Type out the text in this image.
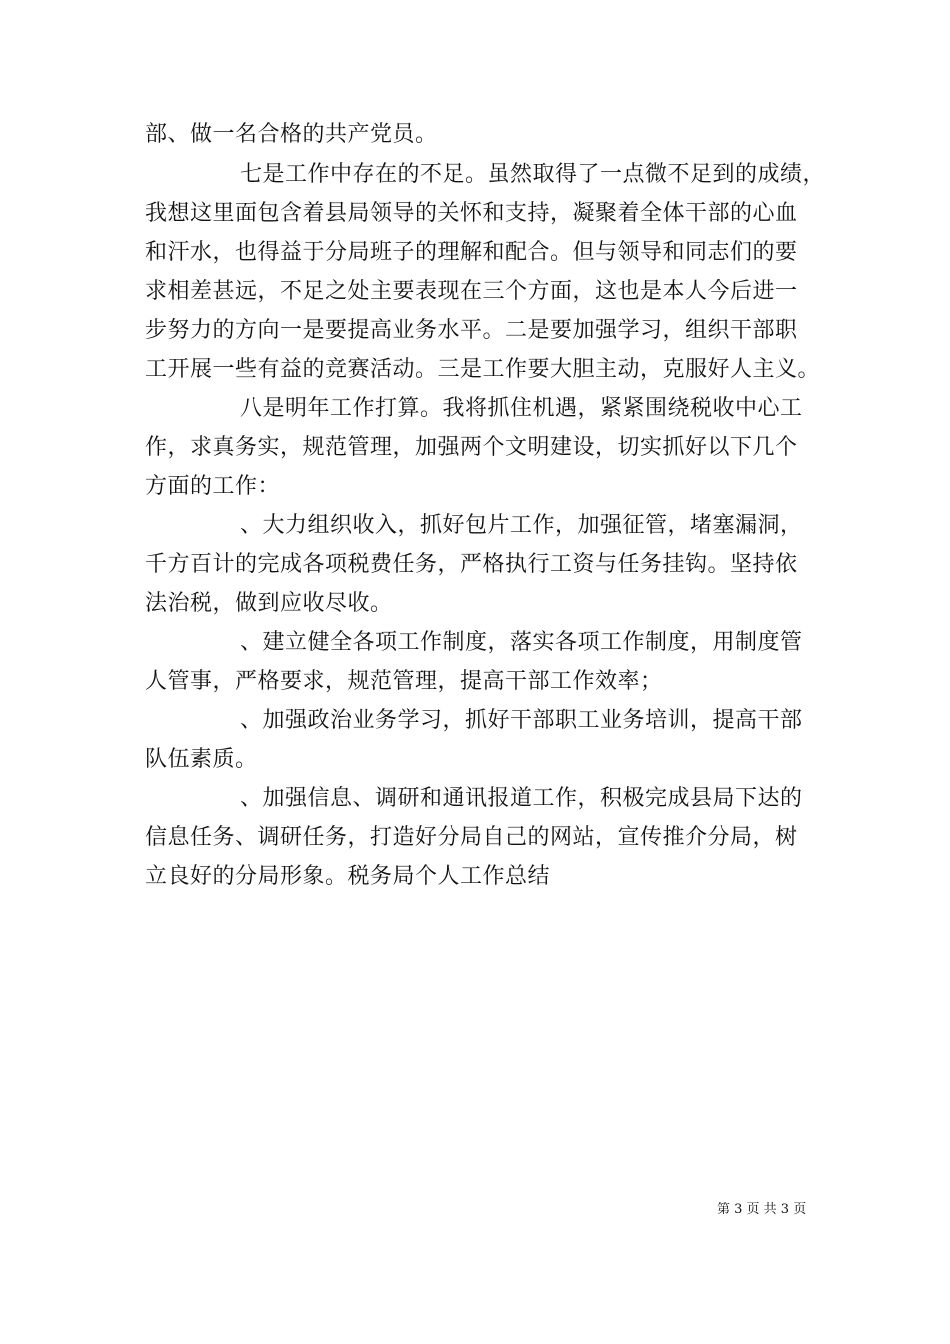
部、做一名合格的共产党员。
七是工作中存在的不足。虽然取得了一点微不足到的成绩，
我想这里面包含着县局领导的关怀和支持，凝聚着全体干部的心血
和汗水，也得益于分局班子的理解和配合。但与领导和同志们的要
求相差甚远，不足之处主要表现在三个方面，这也是本人今后进一
步努力的方向一是要提高业务水平。二是要加强学习，组织干部职
工开展一些有益的竞赛活动。三是工作要大胆主动，克服好人主义。
八是明年工作打算。我将抓住机遇，紧紧围绕税收中心工
作，求真务实，规范管理，加强两个文明建设，切实抓好以下几个
方面的工作：
、大力组织收入，抓好包片工作，加强征管，堵塞漏洞，
千方百计的完成各项税费任务，严格执行工资与任务挂钩。坚持依
法治税，做到应收尽收。
、建立健全各项工作制度，落实各项工作制度，用制度管
人管事，严格要求，规范管理，提高干部工作效率；
、加强政治业务学习，抓好干部职工业务培训，提高干部
队伍素质。
、加强信息、调研和通讯报道工作，积极完成县局下达的
信息任务、调研任务，打造好分局自己的网站，宣传推介分局，树
立良好的分局形象。税务局个人工作总结
第 3 页 共 3 页
